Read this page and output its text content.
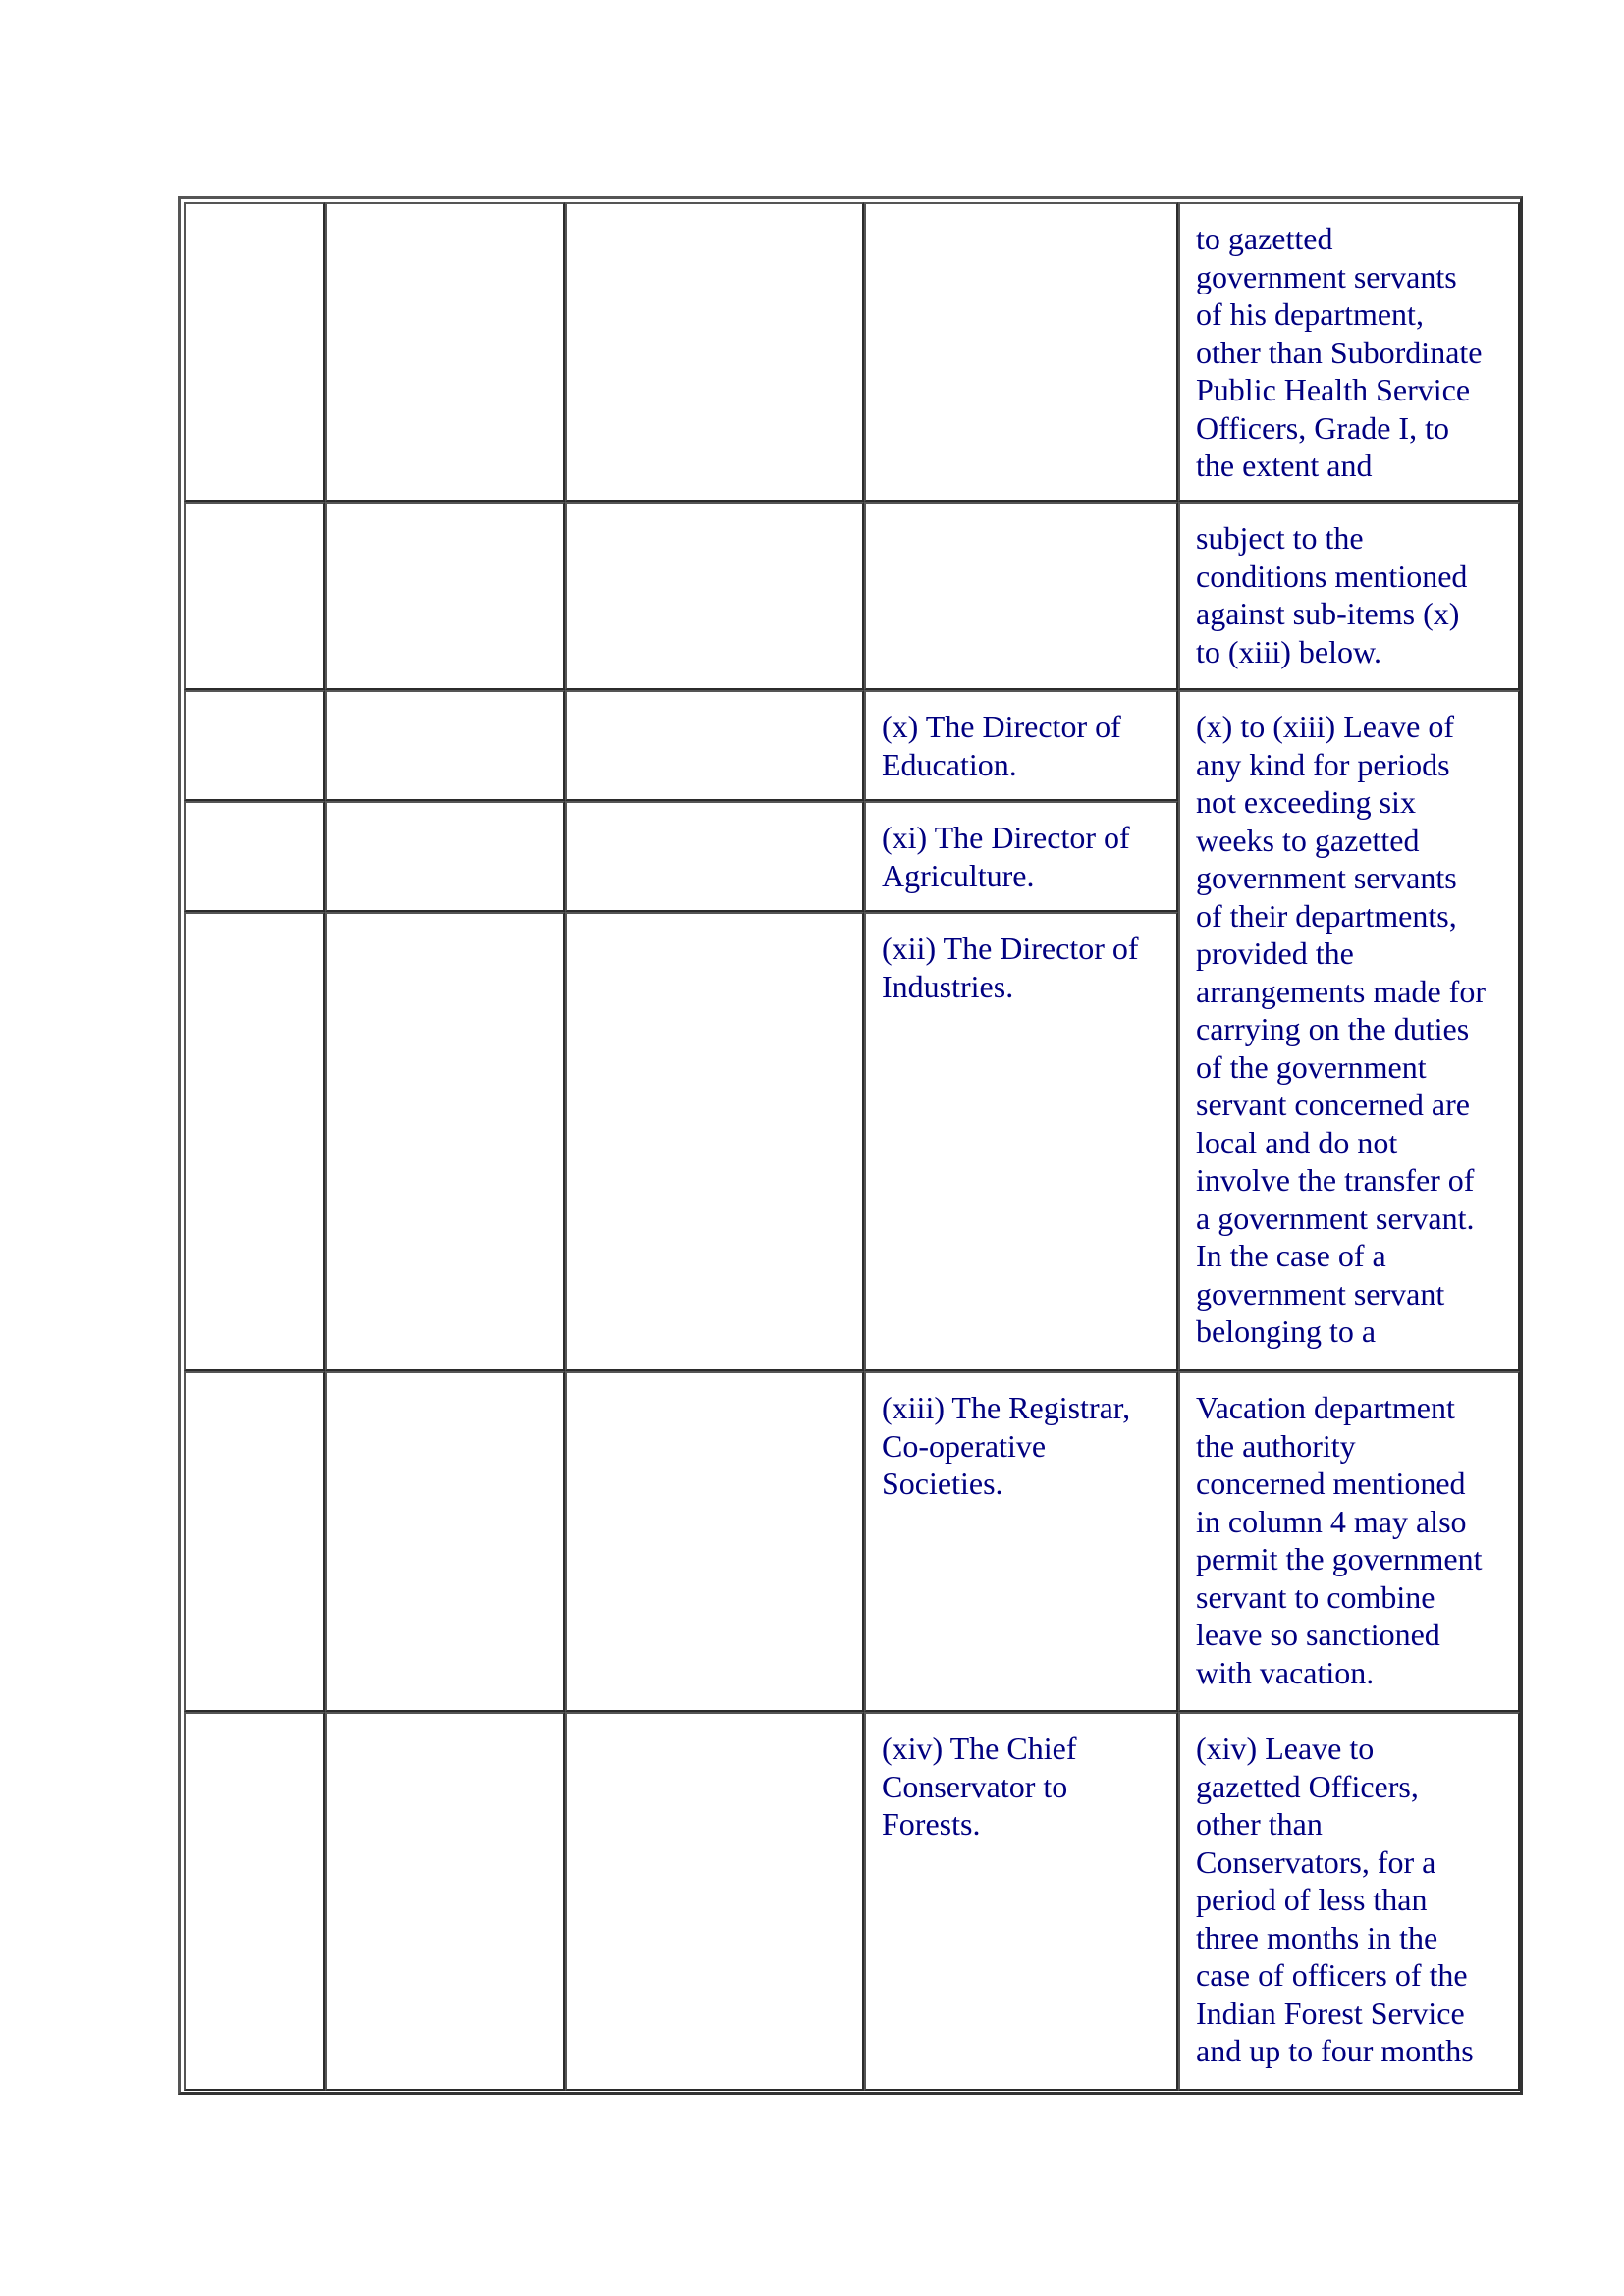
to gazetted
government servants
of his department,
other than Subordinate
Public Health Service
Officers, Grade I, to
the extent and
subject to the
conditions mentioned
against sub-items (x)
to (xiii) below.
(x) The Director of
Education.
(xi) The Director of
Agriculture.
(xii) The Director of
Industries.
(x) to (xiii) Leave of
any kind for periods
not exceeding six
weeks to gazetted
government servants
of their departments,
provided the
arrangements made for
carrying on the duties
of the government
servant concerned are
local and do not
involve the transfer of
a government servant.
In the case of a
government servant
belonging to a
(xiii) The Registrar,
Co-operative
Societies.
Vacation department
the authority
concerned mentioned
in column 4 may also
permit the government
servant to combine
leave so sanctioned
with vacation.
(xiv) The Chief
Conservator to
Forests.
(xiv) Leave to
gazetted Officers,
other than
Conservators, for a
period of less than
three months in the
case of officers of the
Indian Forest Service
and up to four months
